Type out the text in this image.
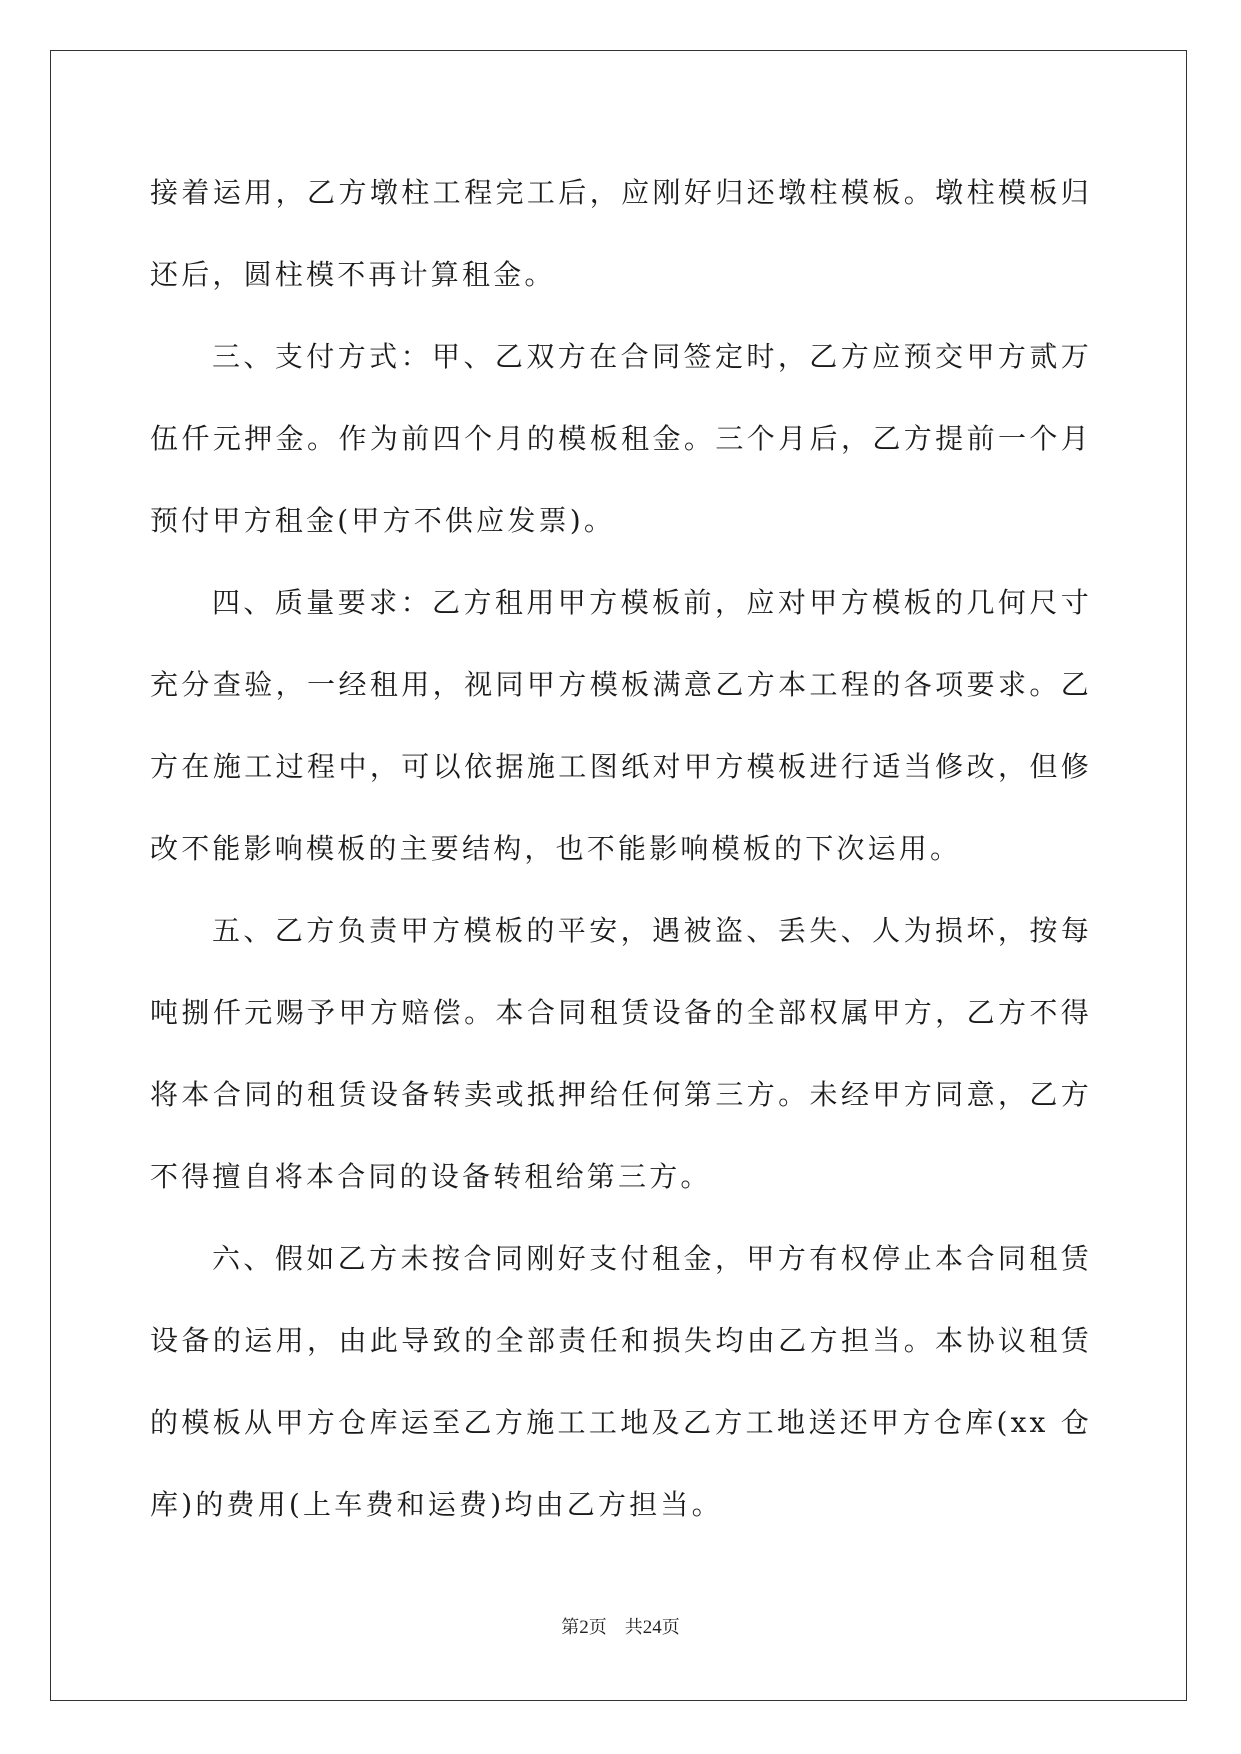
接着运用，乙方墩柱工程完工后，应刚好归还墩柱模板。墩柱模板归
还后，圆柱模不再计算租金。

三、支付方式：甲、乙双方在合同签定时，乙方应预交甲方贰万
伍仟元押金。作为前四个月的模板租金。三个月后，乙方提前一个月
预付甲方租金(甲方不供应发票)。

四、质量要求：乙方租用甲方模板前，应对甲方模板的几何尺寸
充分查验，一经租用，视同甲方模板满意乙方本工程的各项要求。乙
方在施工过程中，可以依据施工图纸对甲方模板进行适当修改，但修
改不能影响模板的主要结构，也不能影响模板的下次运用。

五、乙方负责甲方模板的平安，遇被盗、丢失、人为损坏，按每
吨捌仟元赐予甲方赔偿。本合同租赁设备的全部权属甲方，乙方不得
将本合同的租赁设备转卖或抵押给任何第三方。未经甲方同意，乙方
不得擅自将本合同的设备转租给第三方。

六、假如乙方未按合同刚好支付租金，甲方有权停止本合同租赁
设备的运用，由此导致的全部责任和损失均由乙方担当。本协议租赁
的模板从甲方仓库运至乙方施工工地及乙方工地送还甲方仓库(xx 仓
库)的费用(上车费和运费)均由乙方担当。

第2页 共24页
